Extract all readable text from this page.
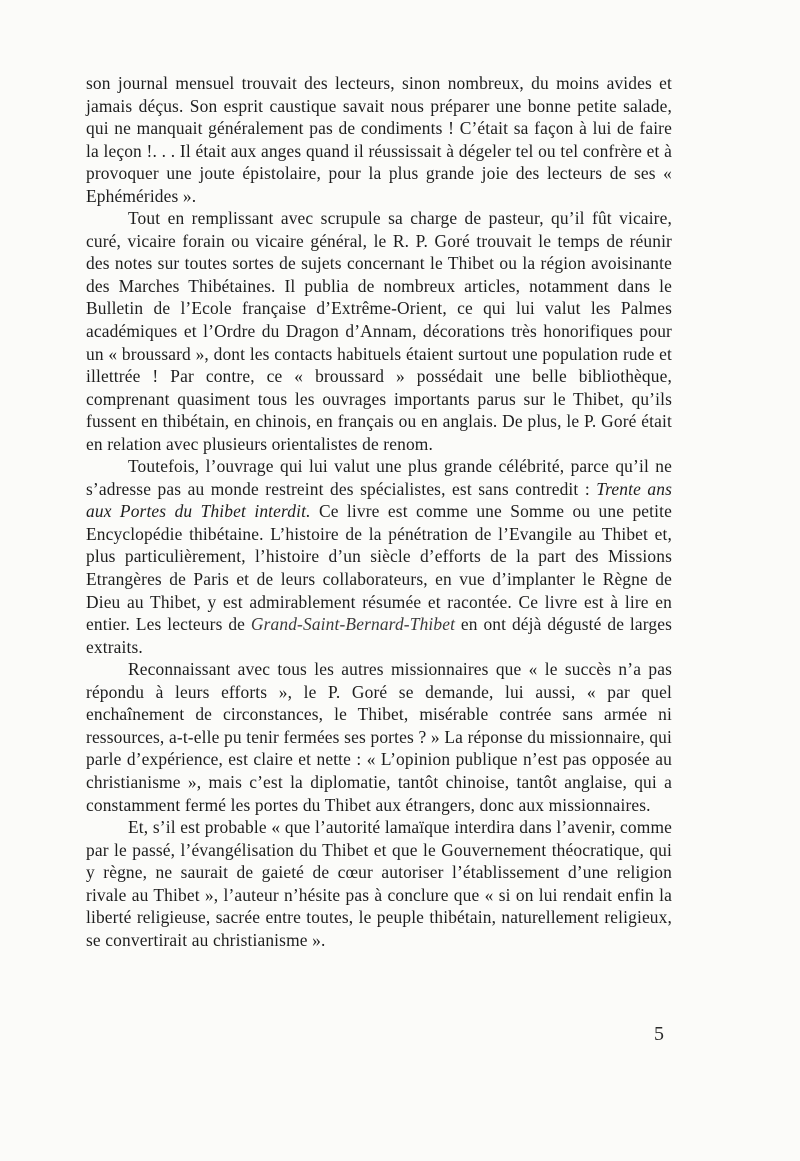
son journal mensuel trouvait des lecteurs, sinon nombreux, du moins avides et jamais déçus. Son esprit caustique savait nous préparer une bonne petite salade, qui ne manquait généralement pas de condiments ! C’était sa façon à lui de faire la leçon !. . . Il était aux anges quand il réussissait à dégeler tel ou tel confrère et à provoquer une joute épistolaire, pour la plus grande joie des lecteurs de ses « Ephémérides ».

Tout en remplissant avec scrupule sa charge de pasteur, qu’il fût vicaire, curé, vicaire forain ou vicaire général, le R. P. Goré trouvait le temps de réunir des notes sur toutes sortes de sujets concernant le Thibet ou la région avoisinante des Marches Thibétaines. Il publia de nombreux articles, notamment dans le Bulletin de l’Ecole française d’Extrême-Orient, ce qui lui valut les Palmes académiques et l’Ordre du Dragon d’Annam, décorations très honorifiques pour un « broussard », dont les contacts habituels étaient surtout une population rude et illettrée ! Par contre, ce « broussard » possédait une belle bibliothèque, comprenant quasiment tous les ouvrages importants parus sur le Thibet, qu’ils fussent en thibétain, en chinois, en français ou en anglais. De plus, le P. Goré était en relation avec plusieurs orientalistes de renom.

Toutefois, l’ouvrage qui lui valut une plus grande célébrité, parce qu’il ne s’adresse pas au monde restreint des spécialistes, est sans contredit : Trente ans aux Portes du Thibet interdit. Ce livre est comme une Somme ou une petite Encyclopédie thibétaine. L’histoire de la pénétration de l’Evangile au Thibet et, plus particulièrement, l’histoire d’un siècle d’efforts de la part des Missions Etrangères de Paris et de leurs collaborateurs, en vue d’implanter le Règne de Dieu au Thibet, y est admirablement résumée et racontée. Ce livre est à lire en entier. Les lecteurs de Grand-Saint-Bernard-Thibet en ont déjà dégusté de larges extraits.

Reconnaissant avec tous les autres missionnaires que « le succès n’a pas répondu à leurs efforts », le P. Goré se demande, lui aussi, « par quel enchaînement de circonstances, le Thibet, misérable contrée sans armée ni ressources, a-t-elle pu tenir fermées ses portes ? » La réponse du missionnaire, qui parle d’expérience, est claire et nette : « L’opinion publique n’est pas opposée au christianisme », mais c’est la diplomatie, tantôt chinoise, tantôt anglaise, qui a constamment fermé les portes du Thibet aux étrangers, donc aux missionnaires.

Et, s’il est probable « que l’autorité lamaïque interdira dans l’avenir, comme par le passé, l’évangélisation du Thibet et que le Gouvernement théocratique, qui y règne, ne saurait de gaieté de cœur autoriser l’établissement d’une religion rivale au Thibet », l’auteur n’hésite pas à conclure que « si on lui rendait enfin la liberté religieuse, sacrée entre toutes, le peuple thibétain, naturellement religieux, se convertirait au christianisme ».

5
